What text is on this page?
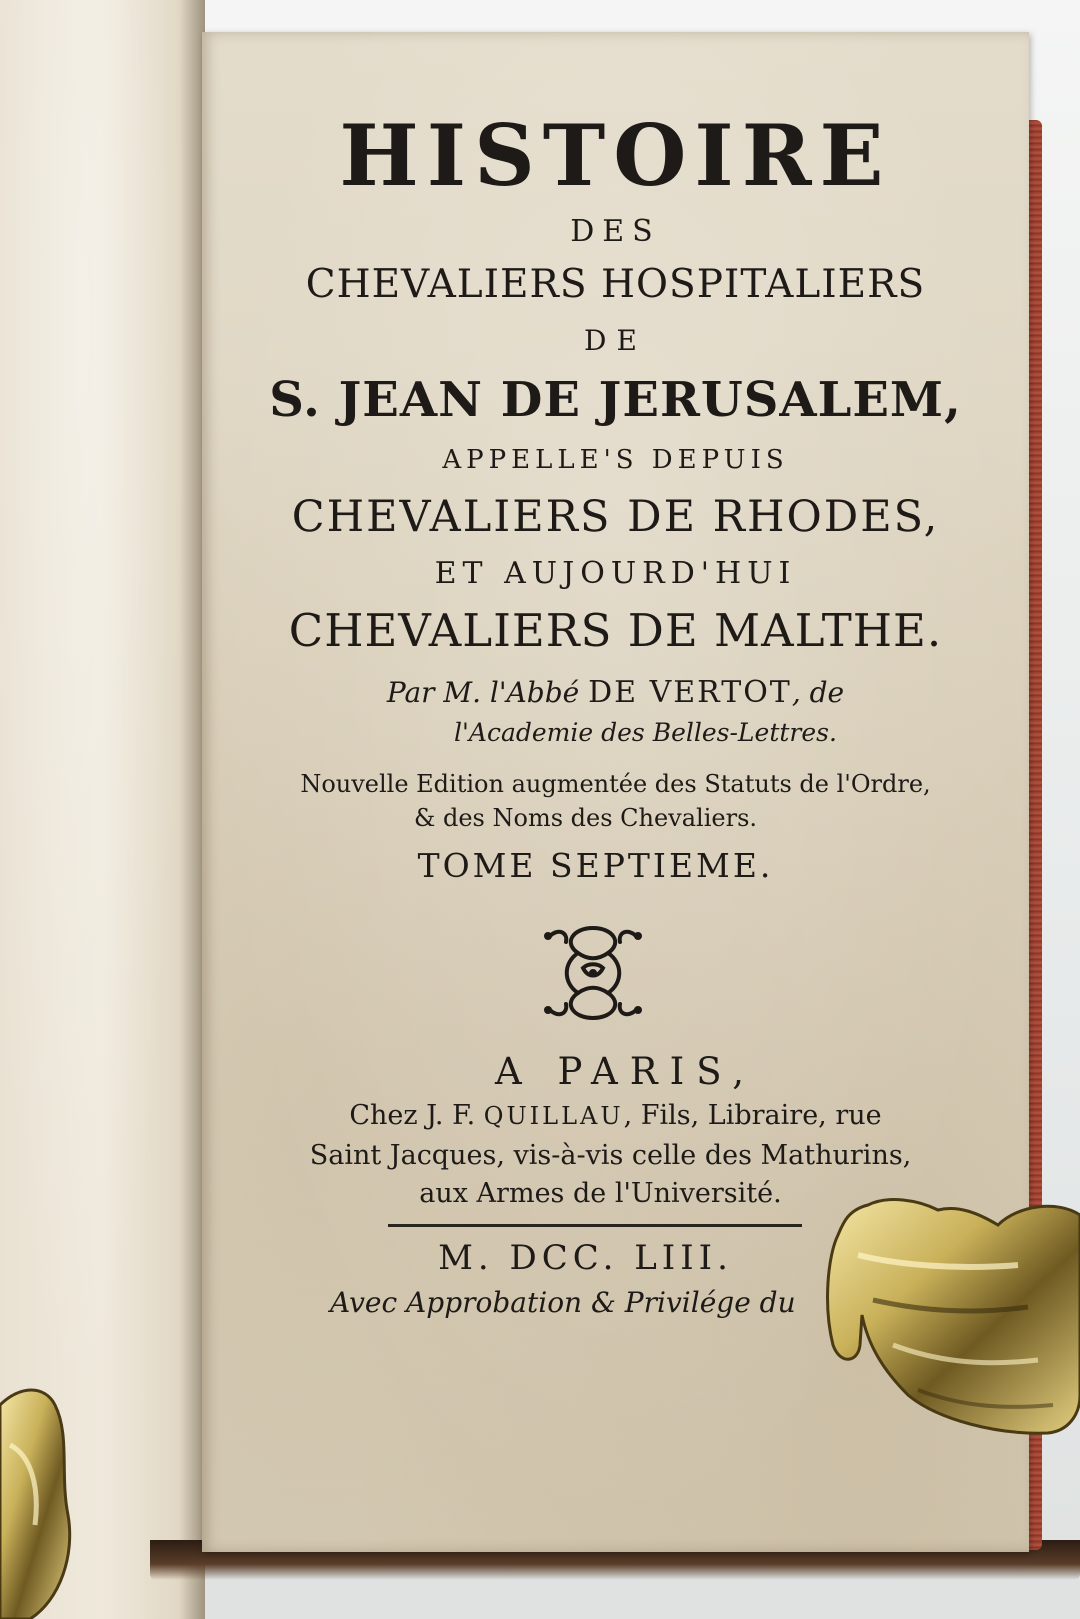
HISTOIRE
DES
CHEVALIERS HOSPITALIERS
DE
S. JEAN DE JERUSALEM,
APPELLE'S DEPUIS
CHEVALIERS DE RHODES,
ET AUJOURD'HUI
CHEVALIERS DE MALTHE.
Par M. l'Abbé DE VERTOT, de
l'Academie des Belles-Lettres.
Nouvelle Edition augmentée des Statuts de l'Ordre,
& des Noms des Chevaliers.
TOME SEPTIEME.
A PARIS,
Chez J. F. QUILLAU, Fils, Libraire, rue
Saint Jacques, vis-à-vis celle des Mathurins,
aux Armes de l'Université.
M. DCC. LIII.
Avec Approbation & Privilége du
